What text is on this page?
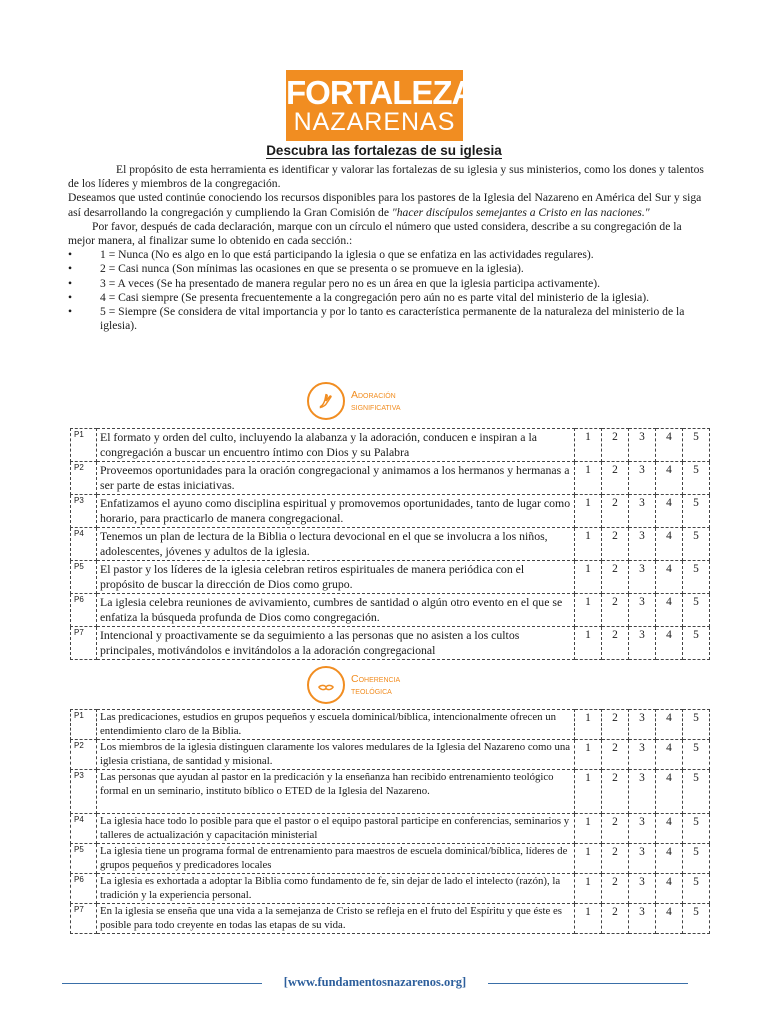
FORTALEZAS
NAZARENAS
Descubra las fortalezas de su iglesia

El propósito de esta herramienta es identificar y valorar las fortalezas de su iglesia y sus ministerios, como los dones y talentos de los líderes y miembros de la congregación.

Deseamos que usted continúe conociendo los recursos disponibles para los pastores de la Iglesia del Nazareno en América del Sur y siga así desarrollando la congregación y cumpliendo la Gran Comisión de "hacer discípulos semejantes a Cristo en las naciones."

Por favor, después de cada declaración, marque con un círculo el número que usted considera, describe a su congregación de la mejor manera, al finalizar sume lo obtenido en cada sección.:

• 1 = Nunca (No es algo en lo que está participando la iglesia o que se enfatiza en las actividades regulares).
• 2 = Casi nunca (Son mínimas las ocasiones en que se presenta o se promueve en la iglesia).
• 3 = A veces (Se ha presentado de manera regular pero no es un área en que la iglesia participa activamente).
• 4 = Casi siempre (Se presenta frecuentemente a la congregación pero aún no es parte vital del ministerio de la iglesia).
• 5 = Siempre (Se considera de vital importancia y por lo tanto es característica permanente de la naturaleza del ministerio de la iglesia).
Adoración
significativa
P1	El formato y orden del culto, incluyendo la alabanza y la adoración, conducen e inspiran a la congregación a buscar un encuentro íntimo con Dios y su Palabra	1	2	3	4	5
P2	Proveemos oportunidades para la oración congregacional y animamos a los hermanos y hermanas a ser parte de estas iniciativas.	1	2	3	4	5
P3	Enfatizamos el ayuno como disciplina espiritual y promovemos oportunidades, tanto de lugar como horario, para practicarlo de manera congregacional.	1	2	3	4	5
P4	Tenemos un plan de lectura de la Biblia o lectura devocional en el que se involucra a los niños, adolescentes, jóvenes y adultos de la iglesia.	1	2	3	4	5
P5	El pastor y los líderes de la iglesia celebran retiros espirituales de manera periódica con el propósito de buscar la dirección de Dios como grupo.	1	2	3	4	5
P6	La iglesia celebra reuniones de avivamiento, cumbres de santidad o algún otro evento en el que se enfatiza la búsqueda profunda de Dios como congregación.	1	2	3	4	5
P7	Intencional y proactivamente se da seguimiento a las personas que no asisten a los cultos principales, motivándolos e invitándolos a la adoración congregacional	1	2	3	4	5
Coherencia
teológica
P1	Las predicaciones, estudios en grupos pequeños y escuela dominical/bíblica, intencionalmente ofrecen un entendimiento claro de la Biblia.	1	2	3	4	5
P2	Los miembros de la iglesia distinguen claramente los valores medulares de la Iglesia del Nazareno como una iglesia cristiana, de santidad y misional.	1	2	3	4	5
P3	Las personas que ayudan al pastor en la predicación y la enseñanza han recibido entrenamiento teológico formal en un seminario, instituto bíblico o ETED de la Iglesia del Nazareno.	1	2	3	4	5
P4	La iglesia hace todo lo posible para que el pastor o el equipo pastoral participe en conferencias, seminarios y talleres de actualización y capacitación ministerial	1	2	3	4	5
P5	La iglesia tiene un programa formal de entrenamiento para maestros de escuela dominical/bíblica, líderes de grupos pequeños y predicadores locales	1	2	3	4	5
P6	La iglesia es exhortada a adoptar la Biblia como fundamento de fe, sin dejar de lado el intelecto (razón), la tradición y la experiencia personal.	1	2	3	4	5
P7	En la iglesia se enseña que una vida a la semejanza de Cristo se refleja en el fruto del Espíritu y que éste es posible para todo creyente en todas las etapas de su vida.	1	2	3	4	5
[www.fundamentosnazarenos.org]
